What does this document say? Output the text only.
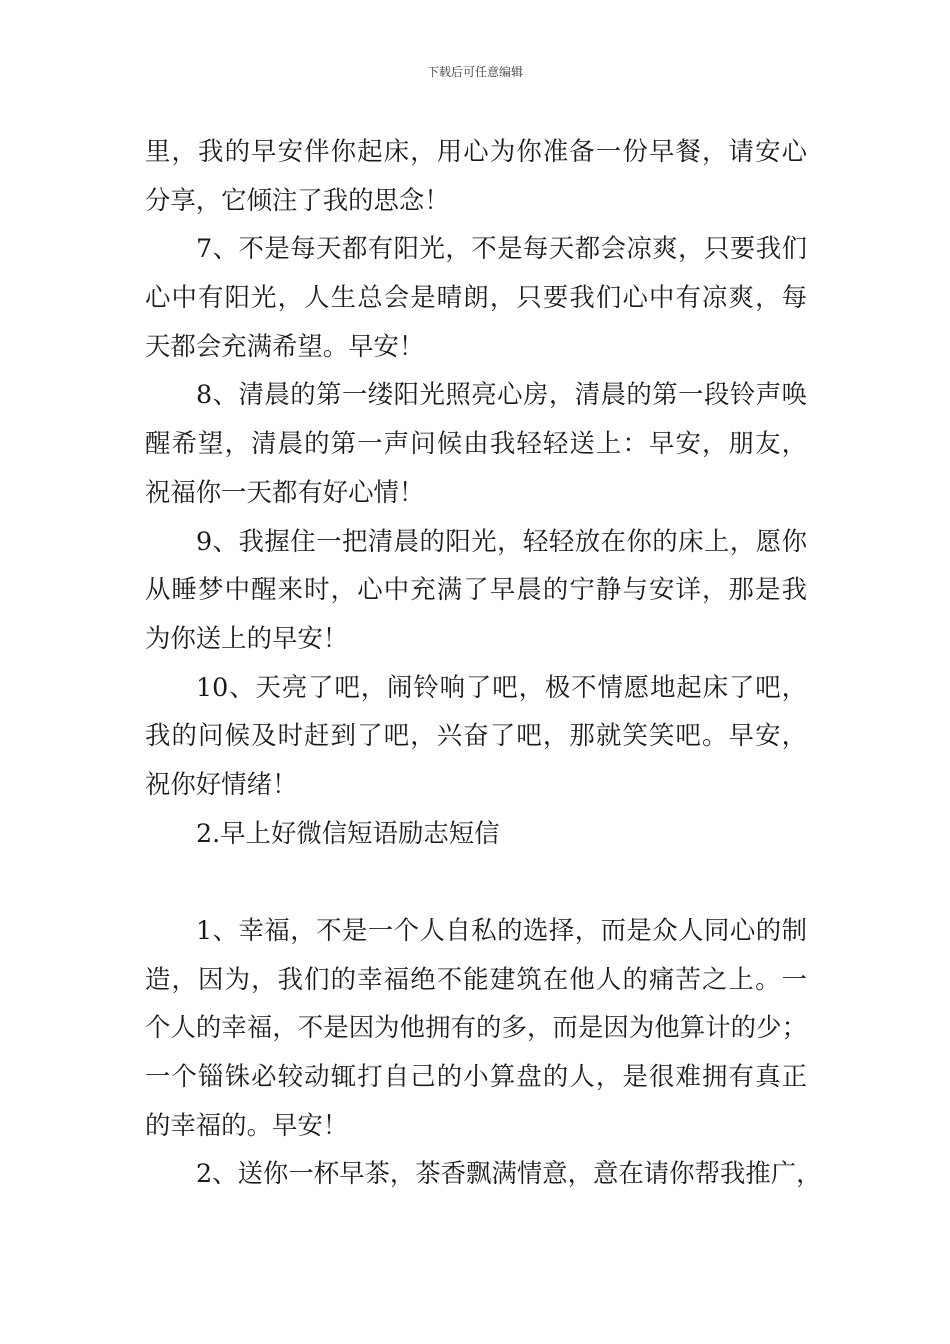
下载后可任意编辑
里，我的早安伴你起床，用心为你准备一份早餐，请安心
分享，它倾注了我的思念！
7、不是每天都有阳光，不是每天都会凉爽，只要我们
心中有阳光，人生总会是晴朗，只要我们心中有凉爽，每
天都会充满希望。早安！
8、清晨的第一缕阳光照亮心房，清晨的第一段铃声唤
醒希望，清晨的第一声问候由我轻轻送上：早安，朋友，
祝福你一天都有好心情！
9、我握住一把清晨的阳光，轻轻放在你的床上，愿你
从睡梦中醒来时，心中充满了早晨的宁静与安详，那是我
为你送上的早安！
10、天亮了吧，闹铃响了吧，极不情愿地起床了吧，
我的问候及时赶到了吧，兴奋了吧，那就笑笑吧。早安，
祝你好情绪！
2.早上好微信短语励志短信
1、幸福，不是一个人自私的选择，而是众人同心的制
造，因为，我们的幸福绝不能建筑在他人的痛苦之上。一
个人的幸福，不是因为他拥有的多，而是因为他算计的少；
一个锱铢必较动辄打自己的小算盘的人，是很难拥有真正
的幸福的。早安！
2、送你一杯早茶，茶香飘满情意，意在请你帮我推广，
